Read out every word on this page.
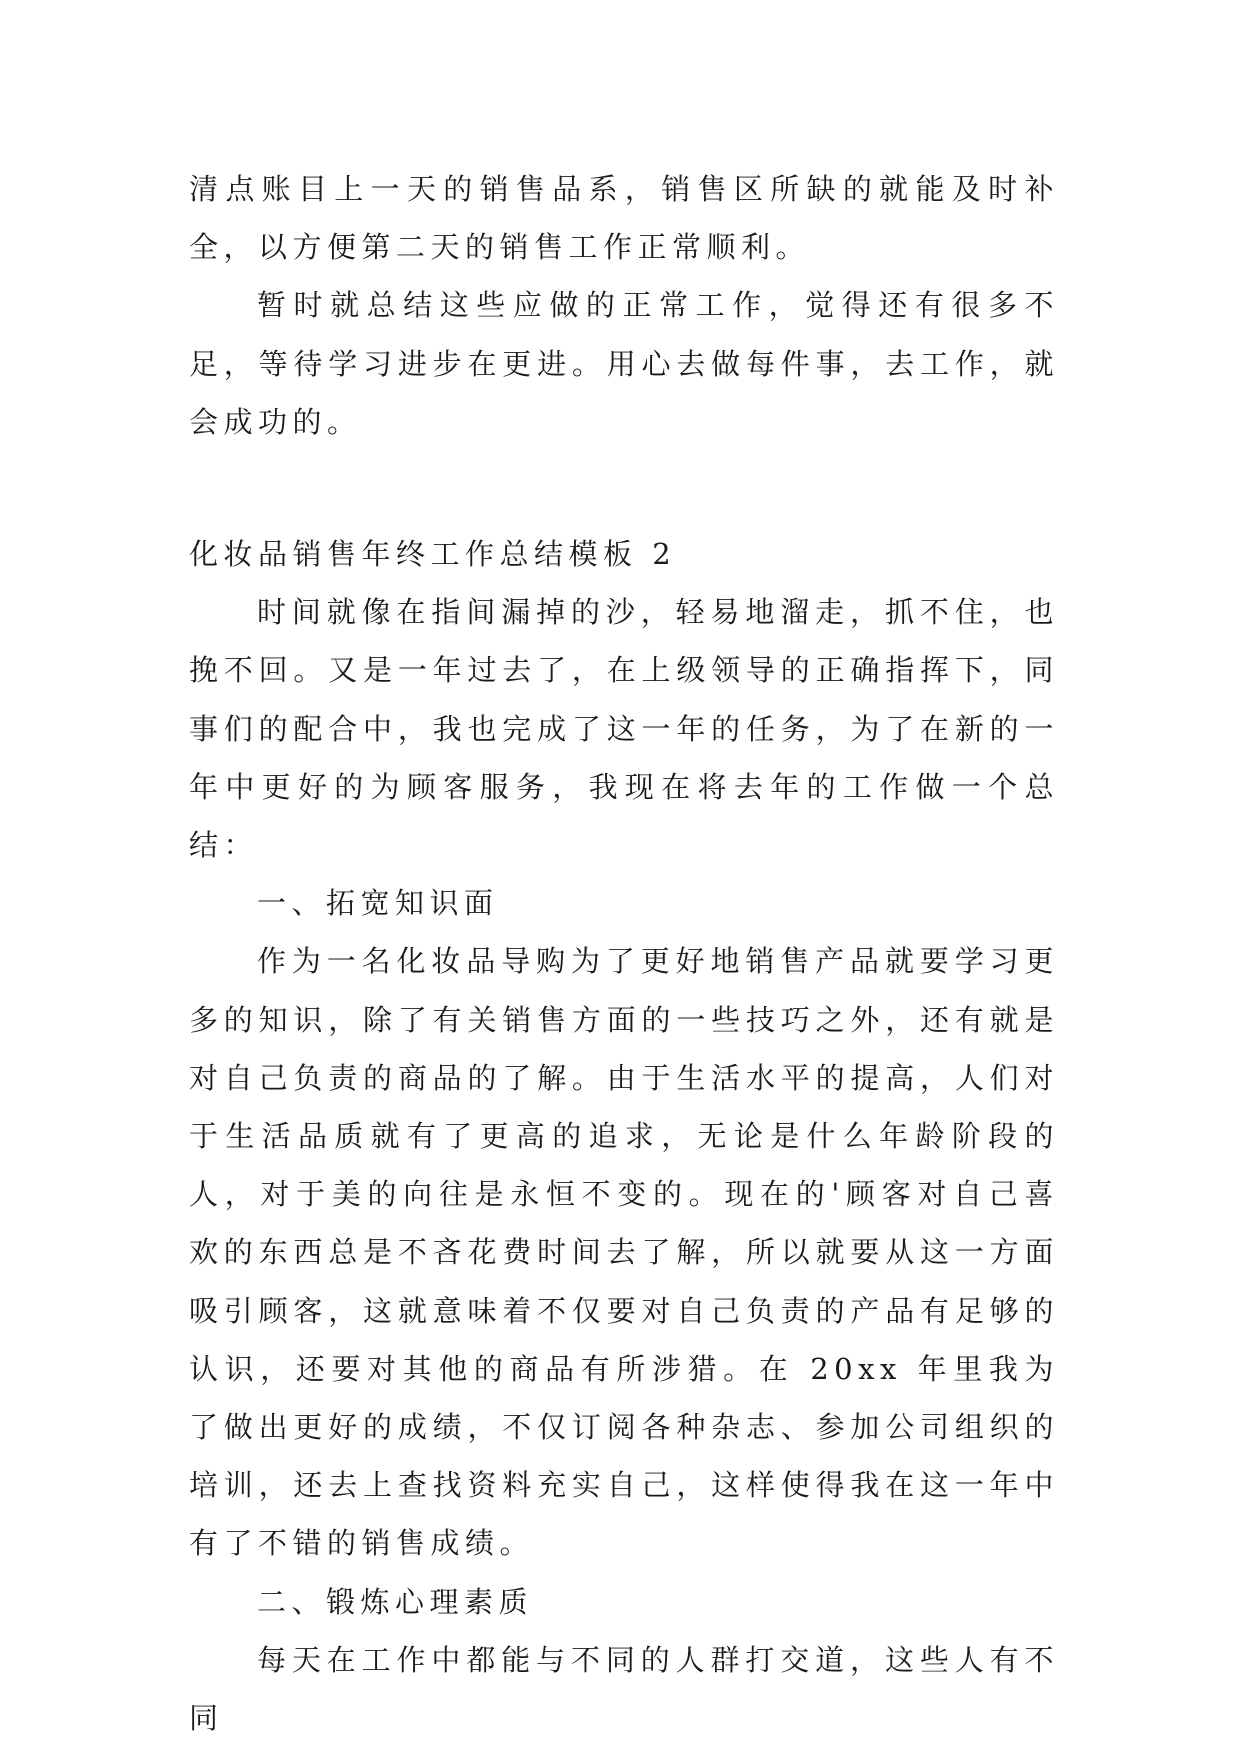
清点账目上一天的销售品系，销售区所缺的就能及时补全，以方便第二天的销售工作正常顺利。

暂时就总结这些应做的正常工作，觉得还有很多不足，等待学习进步在更进。用心去做每件事，去工作，就会成功的。

化妆品销售年终工作总结模板 2

时间就像在指间漏掉的沙，轻易地溜走，抓不住，也挽不回。又是一年过去了，在上级领导的正确指挥下，同事们的配合中，我也完成了这一年的任务，为了在新的一年中更好的为顾客服务，我现在将去年的工作做一个总结：

一、拓宽知识面

作为一名化妆品导购为了更好地销售产品就要学习更多的知识，除了有关销售方面的一些技巧之外，还有就是对自己负责的商品的了解。由于生活水平的提高，人们对于生活品质就有了更高的追求，无论是什么年龄阶段的人，对于美的向往是永恒不变的。现在的'顾客对自己喜欢的东西总是不吝花费时间去了解，所以就要从这一方面吸引顾客，这就意味着不仅要对自己负责的产品有足够的认识，还要对其他的商品有所涉猎。在 20xx 年里我为了做出更好的成绩，不仅订阅各种杂志、参加公司组织的培训，还去上查找资料充实自己，这样使得我在这一年中有了不错的销售成绩。

二、锻炼心理素质

每天在工作中都能与不同的人群打交道，这些人有不同
